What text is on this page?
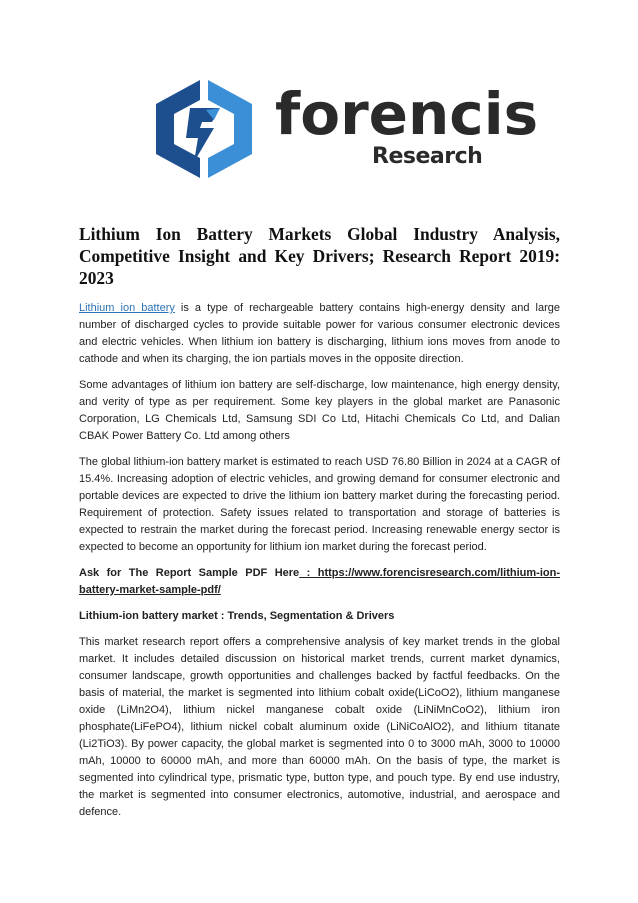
forencis
Research
Lithium Ion Battery Markets Global Industry Analysis,
Competitive Insight and Key Drivers; Research Report 2019: 2023

Lithium ion battery is a type of rechargeable battery contains high-energy density and large number of discharged cycles to provide suitable power for various consumer electronic devices and electric vehicles. When lithium ion battery is discharging, lithium ions moves from anode to cathode and when its charging, the ion partials moves in the opposite direction.

Some advantages of lithium ion battery are self-discharge, low maintenance, high energy density, and verity of type as per requirement. Some key players in the global market are Panasonic Corporation, LG Chemicals Ltd, Samsung SDI Co Ltd, Hitachi Chemicals Co Ltd, and Dalian CBAK Power Battery Co. Ltd among others

The global lithium-ion battery market is estimated to reach USD 76.80 Billion in 2024 at a CAGR of 15.4%. Increasing adoption of electric vehicles, and growing demand for consumer electronic and portable devices are expected to drive the lithium ion battery market during the forecasting period. Requirement of protection. Safety issues related to transportation and storage of batteries is expected to restrain the market during the forecast period. Increasing renewable energy sector is expected to become an opportunity for lithium ion market during the forecast period.

Ask for The Report Sample PDF Here : https://www.forencisresearch.com/lithium-ion-battery-market-sample-pdf/

Lithium-ion battery market : Trends, Segmentation & Drivers

This market research report offers a comprehensive analysis of key market trends in the global market. It includes detailed discussion on historical market trends, current market dynamics, consumer landscape, growth opportunities and challenges backed by factful feedbacks. On the basis of material, the market is segmented into lithium cobalt oxide(LiCoO2), lithium manganese oxide (LiMn2O4), lithium nickel manganese cobalt oxide (LiNiMnCoO2), lithium iron phosphate(LiFePO4), lithium nickel cobalt aluminum oxide (LiNiCoAlO2), and lithium titanate (Li2TiO3). By power capacity, the global market is segmented into 0 to 3000 mAh, 3000 to 10000 mAh, 10000 to 60000 mAh, and more than 60000 mAh. On the basis of type, the market is segmented into cylindrical type, prismatic type, button type, and pouch type. By end use industry, the market is segmented into consumer electronics, automotive, industrial, and aerospace and defence.
